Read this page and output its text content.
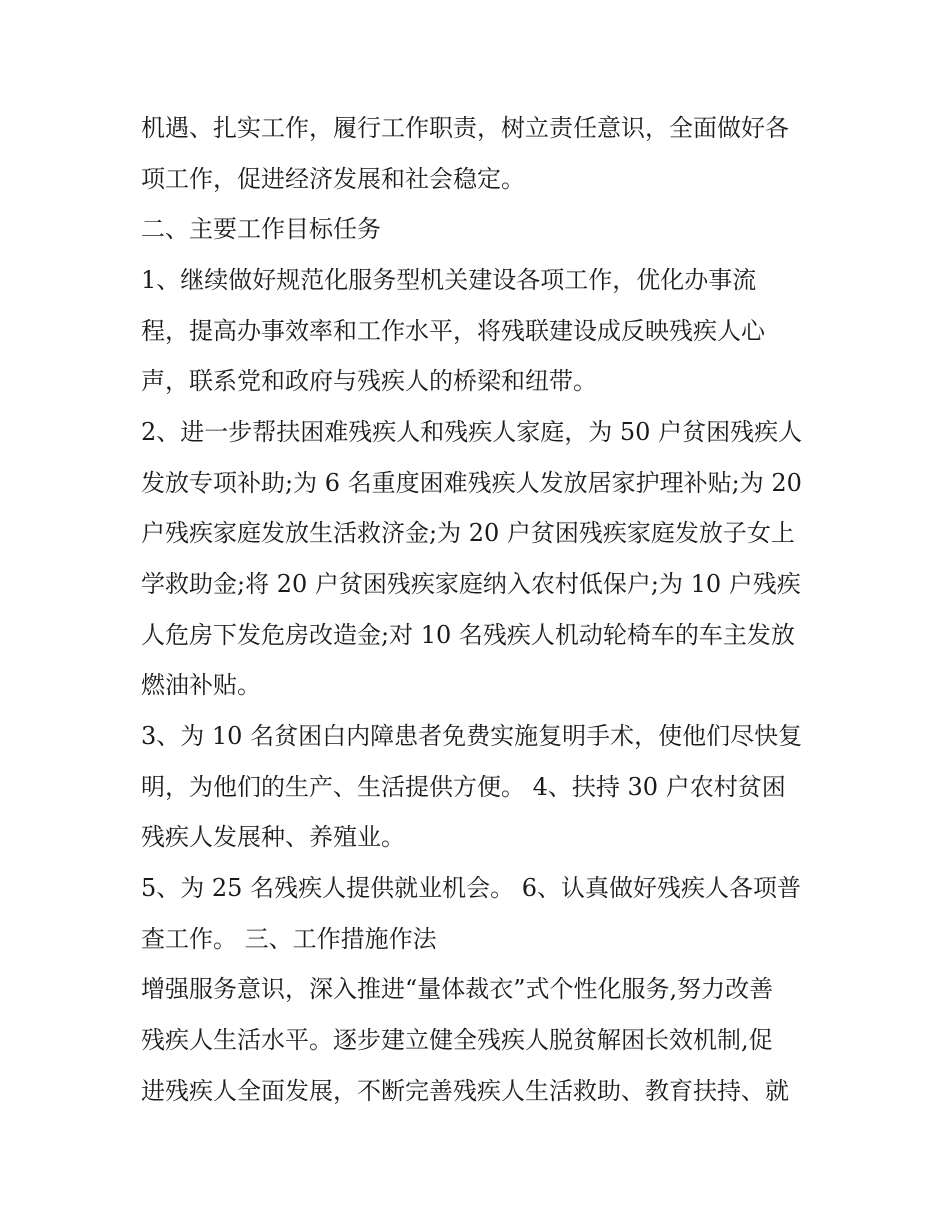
机遇、扎实工作，履行工作职责，树立责任意识，全面做好各
项工作，促进经济发展和社会稳定。
二、主要工作目标任务
1、继续做好规范化服务型机关建设各项工作，优化办事流
程，提高办事效率和工作水平，将残联建设成反映残疾人心
声，联系党和政府与残疾人的桥梁和纽带。
2、进一步帮扶困难残疾人和残疾人家庭，为 50 户贫困残疾人
发放专项补助;为 6 名重度困难残疾人发放居家护理补贴;为 20
户残疾家庭发放生活救济金;为 20 户贫困残疾家庭发放子女上
学救助金;将 20 户贫困残疾家庭纳入农村低保户;为 10 户残疾
人危房下发危房改造金;对 10 名残疾人机动轮椅车的车主发放
燃油补贴。
3、为 10 名贫困白内障患者免费实施复明手术，使他们尽快复
明，为他们的生产、生活提供方便。 4、扶持 30 户农村贫困
残疾人发展种、养殖业。
5、为 25 名残疾人提供就业机会。 6、认真做好残疾人各项普
查工作。 三、工作措施作法
增强服务意识，深入推进“量体裁衣”式个性化服务,努力改善
残疾人生活水平。逐步建立健全残疾人脱贫解困长效机制,促
进残疾人全面发展，不断完善残疾人生活救助、教育扶持、就
